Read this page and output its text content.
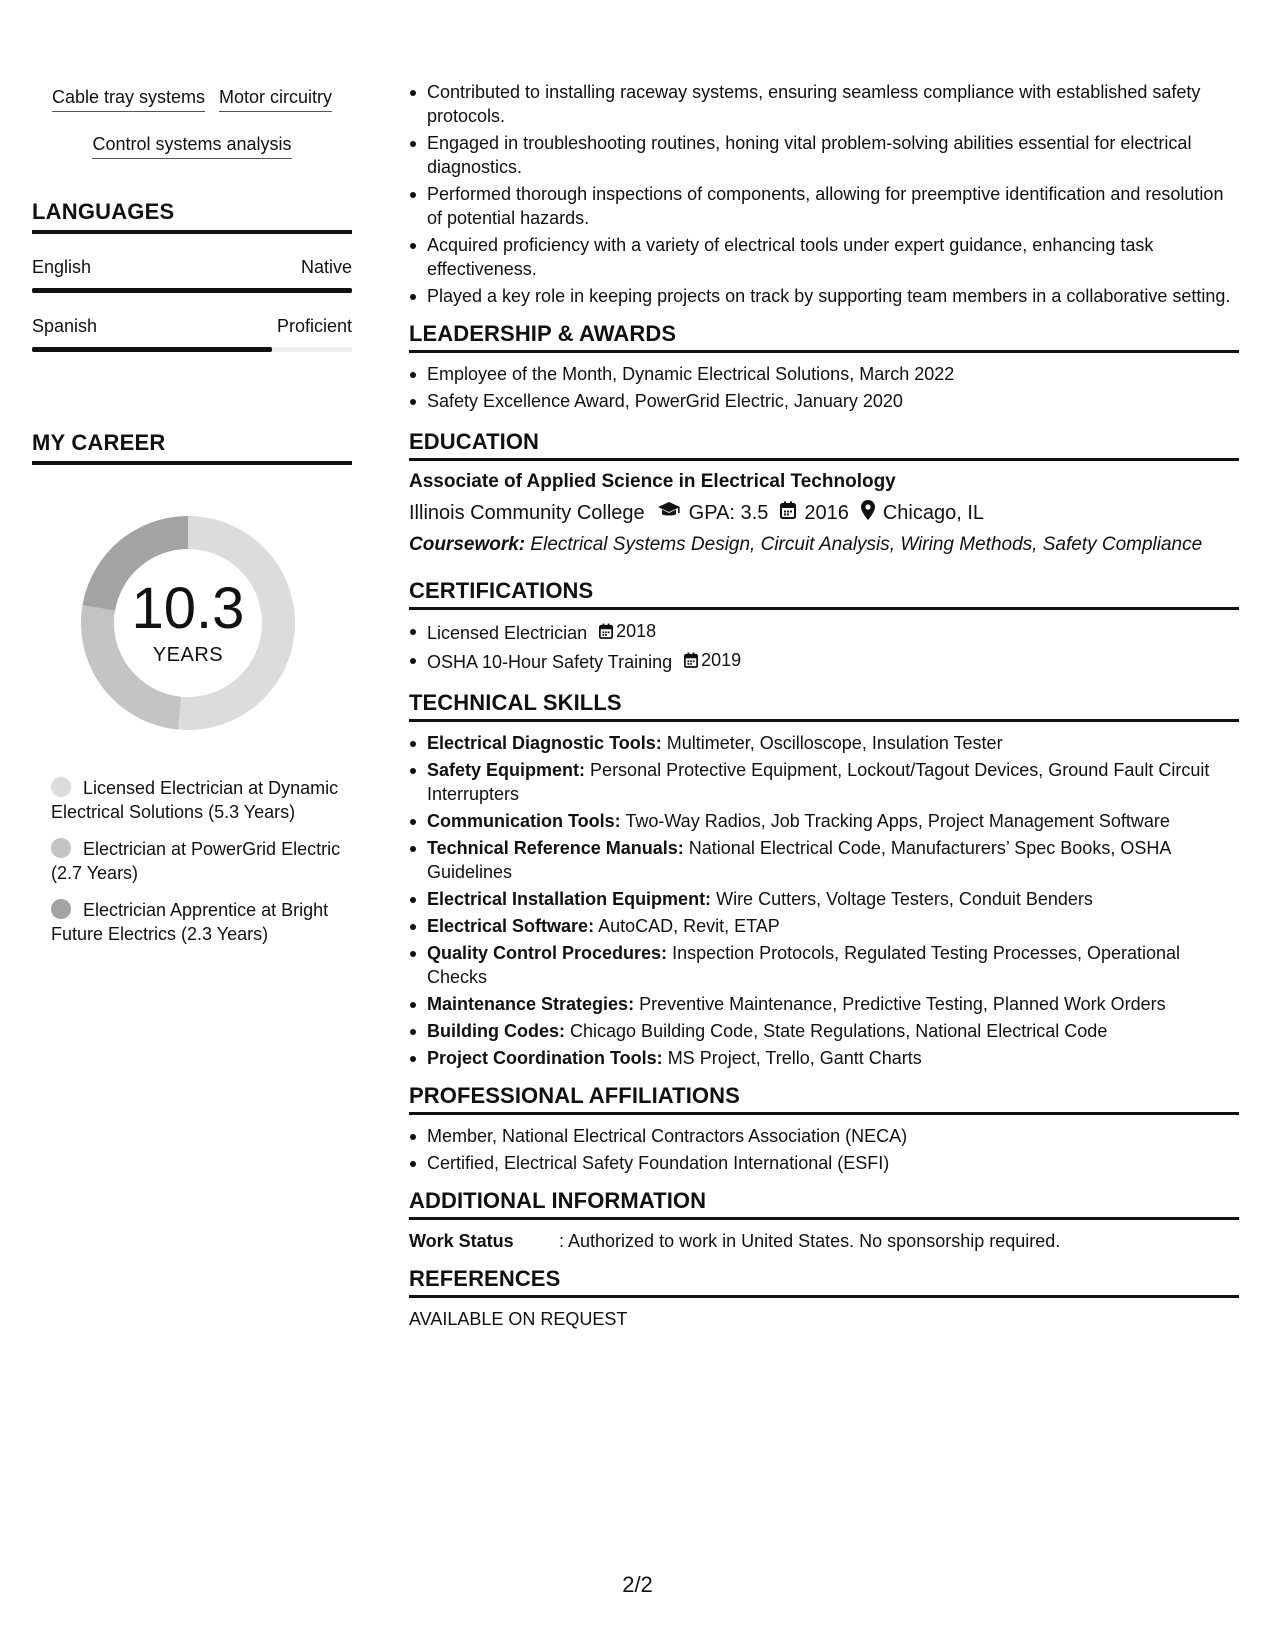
Cable tray systems Motor circuitry
Control systems analysis
LANGUAGES
English	Native
Spanish	Proficient
MY CAREER
10.3
YEARS
Licensed Electrician at Dynamic Electrical Solutions (5.3 Years)
Electrician at PowerGrid Electric (2.7 Years)
Electrician Apprentice at Bright Future Electrics (2.3 Years)
Contributed to installing raceway systems, ensuring seamless compliance with established safety protocols.
Engaged in troubleshooting routines, honing vital problem-solving abilities essential for electrical diagnostics.
Performed thorough inspections of components, allowing for preemptive identification and resolution of potential hazards.
Acquired proficiency with a variety of electrical tools under expert guidance, enhancing task effectiveness.
Played a key role in keeping projects on track by supporting team members in a collaborative setting.
LEADERSHIP & AWARDS
Employee of the Month, Dynamic Electrical Solutions, March 2022
Safety Excellence Award, PowerGrid Electric, January 2020
EDUCATION
Associate of Applied Science in Electrical Technology
Illinois Community College GPA: 3.5 2016 Chicago, IL
Coursework: Electrical Systems Design, Circuit Analysis, Wiring Methods, Safety Compliance
CERTIFICATIONS
Licensed Electrician 2018
OSHA 10-Hour Safety Training 2019
TECHNICAL SKILLS
Electrical Diagnostic Tools: Multimeter, Oscilloscope, Insulation Tester
Safety Equipment: Personal Protective Equipment, Lockout/Tagout Devices, Ground Fault Circuit Interrupters
Communication Tools: Two-Way Radios, Job Tracking Apps, Project Management Software
Technical Reference Manuals: National Electrical Code, Manufacturers’ Spec Books, OSHA Guidelines
Electrical Installation Equipment: Wire Cutters, Voltage Testers, Conduit Benders
Electrical Software: AutoCAD, Revit, ETAP
Quality Control Procedures: Inspection Protocols, Regulated Testing Processes, Operational Checks
Maintenance Strategies: Preventive Maintenance, Predictive Testing, Planned Work Orders
Building Codes: Chicago Building Code, State Regulations, National Electrical Code
Project Coordination Tools: MS Project, Trello, Gantt Charts
PROFESSIONAL AFFILIATIONS
Member, National Electrical Contractors Association (NECA)
Certified, Electrical Safety Foundation International (ESFI)
ADDITIONAL INFORMATION
Work Status	: Authorized to work in United States. No sponsorship required.
REFERENCES
AVAILABLE ON REQUEST
2/2
